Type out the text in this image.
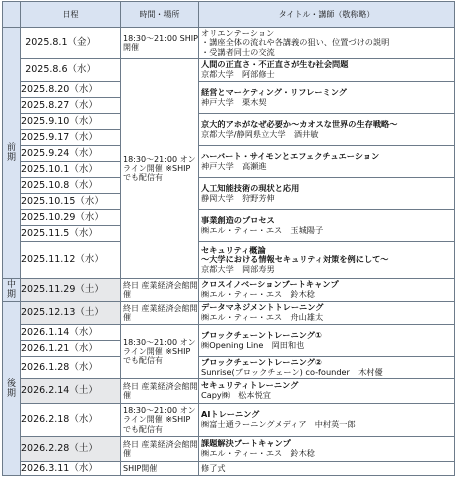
	日程	時間・場所	タイトル・講師（敬称略）
前期	2025.8.1（金）	18:30～21:00 SHIP開催	オリエンテーション
・講座全体の流れや各講義の狙い、位置づけの説明
・受講者同士の交流

	2025.8.6（水）	18:30～21:00 オンライン開催 ※SHIPでも配信有	人間の正直さ・不正直さが生む社会問題
京都大学　阿部修士

	2025.8.20（水）		経営とマーケティング・リフレーミング
神戸大学　栗木契

	2025.8.27（水）		
	2025.9.10（水）		京大的アホがなぜ必要か～カオスな世界の生存戦略～
京都大学/静岡県立大学　酒井敏

	2025.9.17（水）		
	2025.9.24（水）		ハーバート・サイモンとエフェクチュエーション
神戸大学　高瀬進

	2025.10.1（水）		
	2025.10.8（水）		人工知能技術の現状と応用
静岡大学　狩野芳伸

	2025.10.15（水）		
	2025.10.29（水）		事業創造のプロセス
㈱エル・ティー・エス　玉城陽子

	2025.11.5（水）		
	2025.11.12（水）		セキュリティ概論
～大学における情報セキュリティ対策を例にして～
京都大学　岡部寿男

中期	2025.11.29（土）	終日 産業経済会館開催	クロスイノベーションブートキャンプ
㈱エル・ティー・エス　鈴木稔

後期	2025.12.13（土）	終日 産業経済会館開催	データマネジメントトレーニング
㈱エル・ティー・エス　舟山雄太

	2026.1.14（水）	18:30～21:00 オンライン開催 ※SHIPでも配信有	ブロックチェーントレーニング①
㈱Opening Line　岡田和也

	2026.1.21（水）		
	2026.1.28（水）		ブロックチェーントレーニング②
Sunrise(ブロックチェーン) co-founder　木村優

	2026.2.14（土）	終日 産業経済会館開催	セキュリティトレーニング
Capy㈱　松本悦宜

	2026.2.18（水）	18:30～21:00 オンライン開催 ※SHIPでも配信有	AIトレーニング
㈱富士通ラーニングメディア　中村英一郎

	2026.2.28（土）	終日 産業経済会館開催	課題解決ブートキャンプ
㈱エル・ティー・エス　鈴木稔

	2026.3.11（水）	SHIP開催	修了式
